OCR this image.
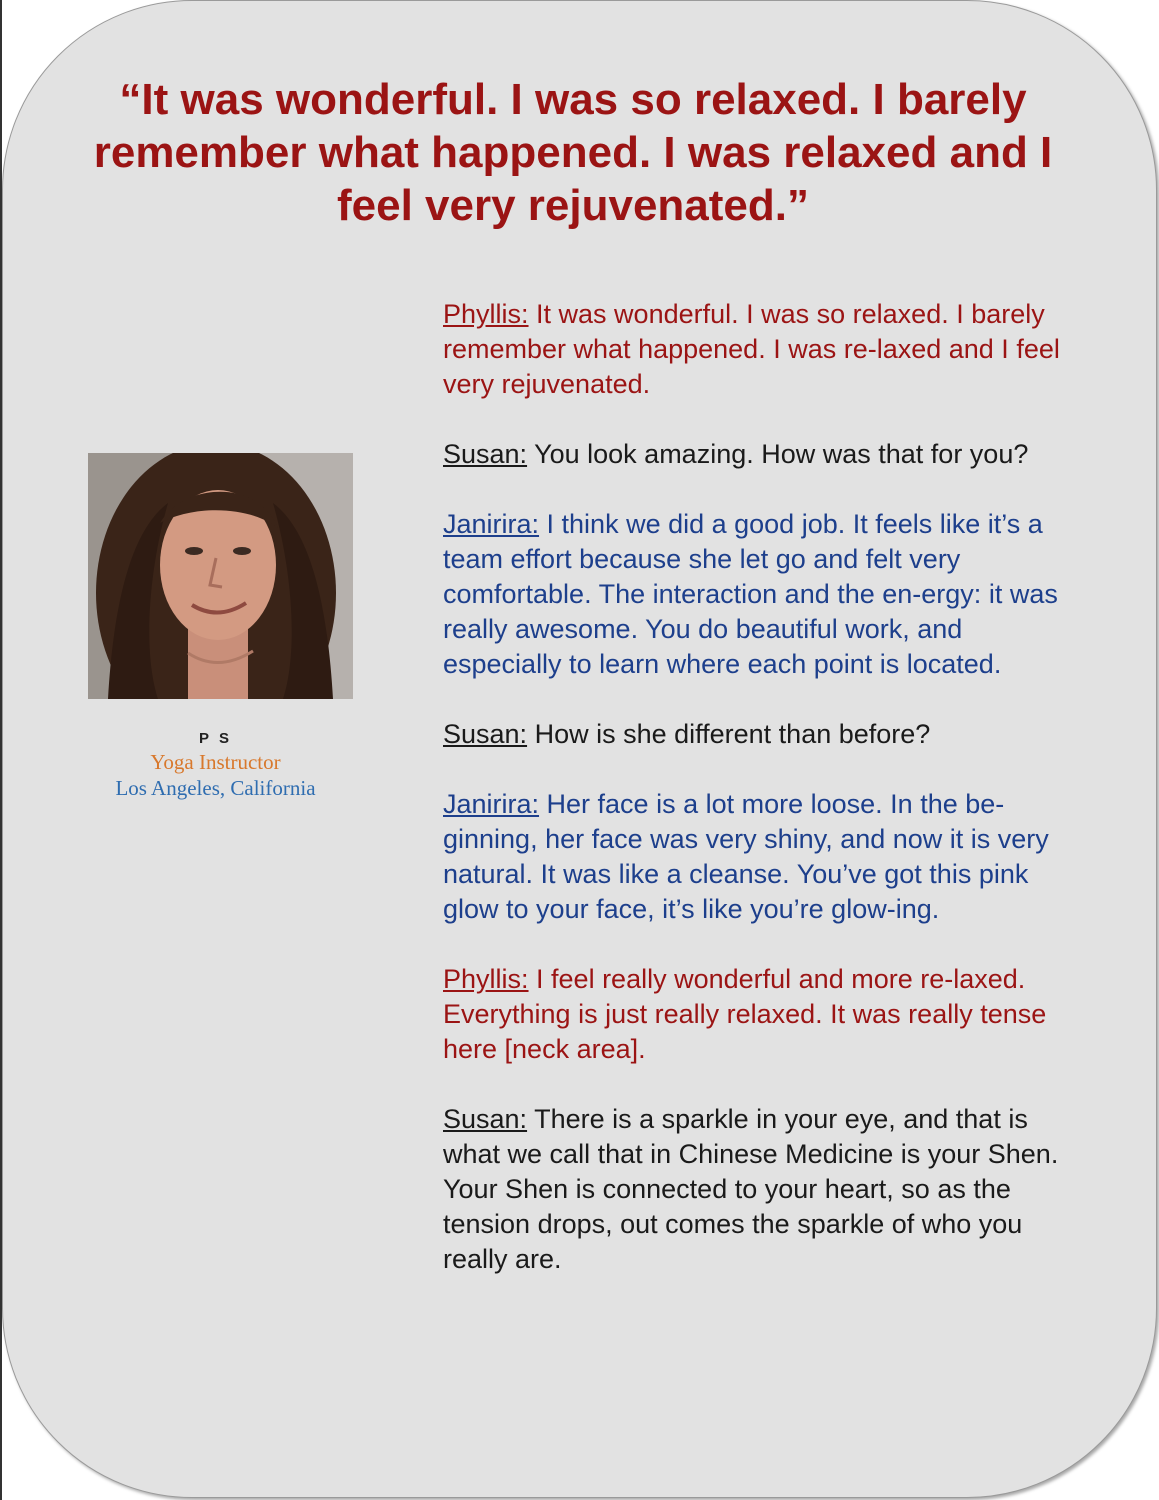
“It was wonderful. I was so relaxed. I barely remember what happened. I was relaxed and I feel very rejuvenated.”
P S
Yoga Instructor
Los Angeles, California
Phyllis: It was wonderful. I was so relaxed. I barely remember what happened. I was re-laxed and I feel very rejuvenated.
Susan: You look amazing. How was that for you?
Janirira: I think we did a good job. It feels like it’s a team effort because she let go and felt very comfortable. The interaction and the en-ergy: it was really awesome. You do beautiful work, and especially to learn where each point is located.
Susan: How is she different than before?
Janirira: Her face is a lot more loose. In the be-ginning, her face was very shiny, and now it is very natural. It was like a cleanse. You’ve got this pink glow to your face, it’s like you’re glow-ing.
Phyllis: I feel really wonderful and more re-laxed. Everything is just really relaxed. It was really tense here [neck area].
Susan: There is a sparkle in your eye, and that is what we call that in Chinese Medicine is your Shen. Your Shen is connected to your heart, so as the tension drops, out comes the sparkle of who you really are.
